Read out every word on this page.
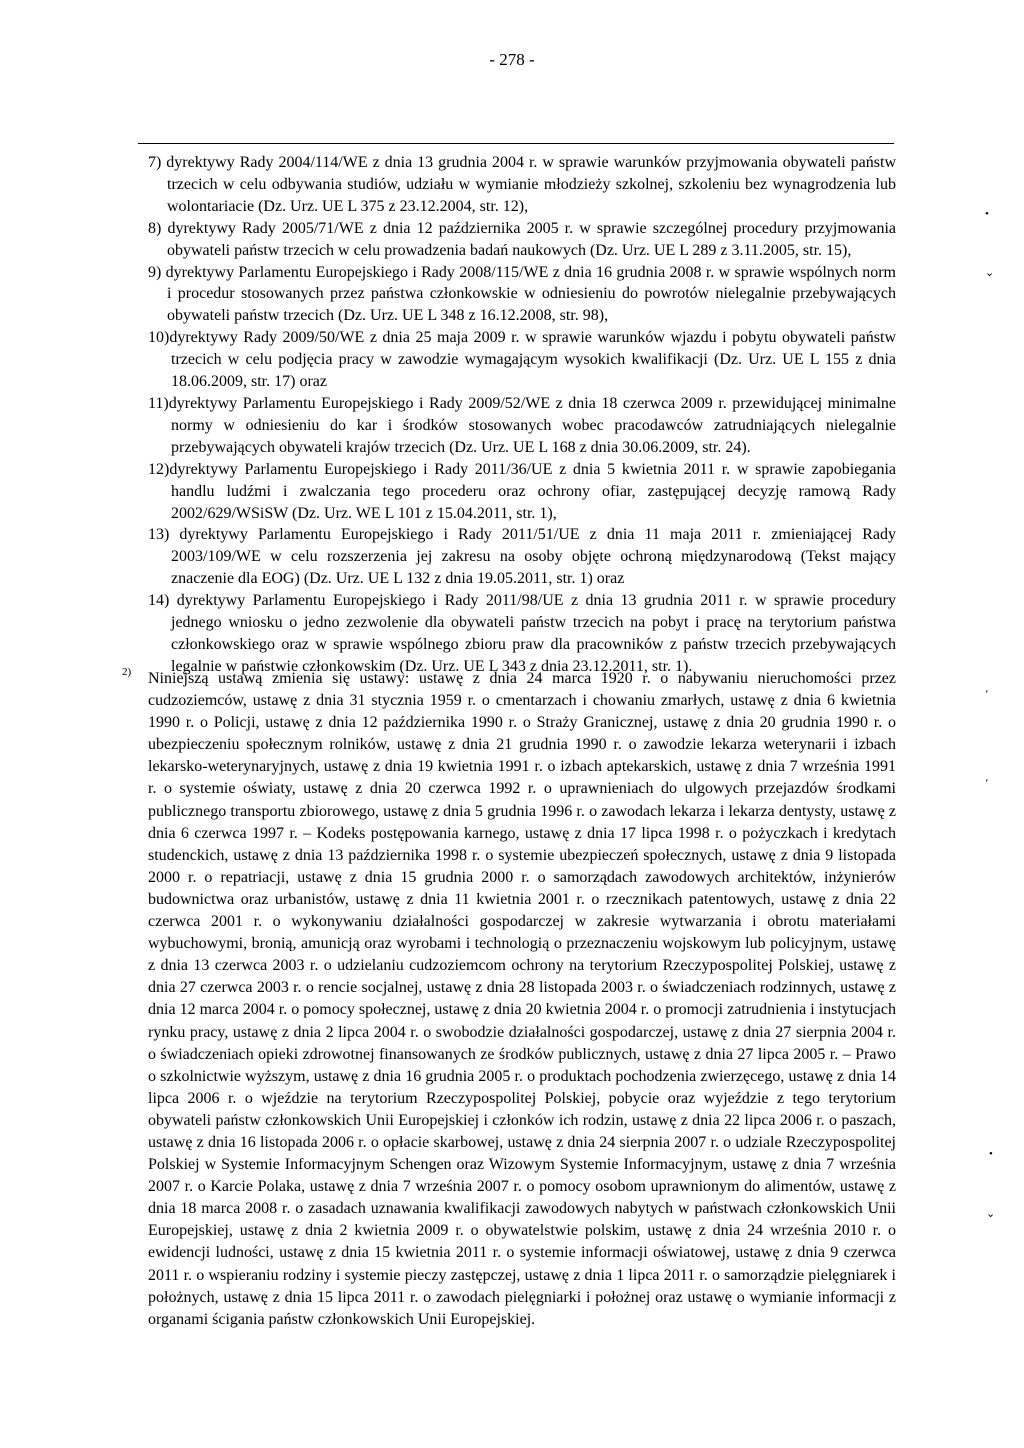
- 278 -

7) dyrektywy Rady 2004/114/WE z dnia 13 grudnia 2004 r. w sprawie warunków przyjmowania obywateli państw trzecich w celu odbywania studiów, udziału w wymianie młodzieży szkolnej, szkoleniu bez wynagrodzenia lub wolontariacie (Dz. Urz. UE L 375 z 23.12.2004, str. 12),

8) dyrektywy Rady 2005/71/WE z dnia 12 października 2005 r. w sprawie szczególnej procedury przyjmowania obywateli państw trzecich w celu prowadzenia badań naukowych (Dz. Urz. UE L 289 z 3.11.2005, str. 15),

9) dyrektywy Parlamentu Europejskiego i Rady 2008/115/WE z dnia 16 grudnia 2008 r. w sprawie wspólnych norm i procedur stosowanych przez państwa członkowskie w odniesieniu do powrotów nielegalnie przebywających obywateli państw trzecich (Dz. Urz. UE L 348 z 16.12.2008, str. 98),

10)dyrektywy Rady 2009/50/WE z dnia 25 maja 2009 r. w sprawie warunków wjazdu i pobytu obywateli państw trzecich w celu podjęcia pracy w zawodzie wymagającym wysokich kwalifikacji (Dz. Urz. UE L 155 z dnia 18.06.2009, str. 17) oraz

11)dyrektywy Parlamentu Europejskiego i Rady 2009/52/WE z dnia 18 czerwca 2009 r. przewidującej minimalne normy w odniesieniu do kar i środków stosowanych wobec pracodawców zatrudniających nielegalnie przebywających obywateli krajów trzecich (Dz. Urz. UE L 168 z dnia 30.06.2009, str. 24).

12)dyrektywy Parlamentu Europejskiego i Rady 2011/36/UE z dnia 5 kwietnia 2011 r. w sprawie zapobiegania handlu ludźmi i zwalczania tego procederu oraz ochrony ofiar, zastępującej decyzję ramową Rady 2002/629/WSiSW (Dz. Urz. WE L 101 z 15.04.2011, str. 1),

13) dyrektywy Parlamentu Europejskiego i Rady 2011/51/UE z dnia 11 maja 2011 r. zmieniającej Rady 2003/109/WE w celu rozszerzenia jej zakresu na osoby objęte ochroną międzynarodową (Tekst mający znaczenie dla EOG) (Dz. Urz. UE L 132 z dnia 19.05.2011, str. 1) oraz

14) dyrektywy Parlamentu Europejskiego i Rady 2011/98/UE z dnia 13 grudnia 2011 r. w sprawie procedury jednego wniosku o jedno zezwolenie dla obywateli państw trzecich na pobyt i pracę na terytorium państwa członkowskiego oraz w sprawie wspólnego zbioru praw dla pracowników z państw trzecich przebywających legalnie w państwie członkowskim (Dz. Urz. UE L 343 z dnia 23.12.2011, str. 1).

2) Niniejszą ustawą zmienia się ustawy: ustawę z dnia 24 marca 1920 r. o nabywaniu nieruchomości przez cudzoziemców, ustawę z dnia 31 stycznia 1959 r. o cmentarzach i chowaniu zmarłych, ustawę z dnia 6 kwietnia 1990 r. o Policji, ustawę z dnia 12 października 1990 r. o Straży Granicznej, ustawę z dnia 20 grudnia 1990 r. o ubezpieczeniu społecznym rolników, ustawę z dnia 21 grudnia 1990 r. o zawodzie lekarza weterynarii i izbach lekarsko-weterynaryjnych, ustawę z dnia 19 kwietnia 1991 r. o izbach aptekarskich, ustawę z dnia 7 września 1991 r. o systemie oświaty, ustawę z dnia 20 czerwca 1992 r. o uprawnieniach do ulgowych przejazdów środkami publicznego transportu zbiorowego, ustawę z dnia 5 grudnia 1996 r. o zawodach lekarza i lekarza dentysty, ustawę z dnia 6 czerwca 1997 r. – Kodeks postępowania karnego, ustawę z dnia 17 lipca 1998 r. o pożyczkach i kredytach studenckich, ustawę z dnia 13 października 1998 r. o systemie ubezpieczeń społecznych, ustawę z dnia 9 listopada 2000 r. o repatriacji, ustawę z dnia 15 grudnia 2000 r. o samorządach zawodowych architektów, inżynierów budownictwa oraz urbanistów, ustawę z dnia 11 kwietnia 2001 r. o rzecznikach patentowych, ustawę z dnia 22 czerwca 2001 r. o wykonywaniu działalności gospodarczej w zakresie wytwarzania i obrotu materiałami wybuchowymi, bronią, amunicją oraz wyrobami i technologią o przeznaczeniu wojskowym lub policyjnym, ustawę z dnia 13 czerwca 2003 r. o udzielaniu cudzoziemcom ochrony na terytorium Rzeczypospolitej Polskiej, ustawę z dnia 27 czerwca 2003 r. o rencie socjalnej, ustawę z dnia 28 listopada 2003 r. o świadczeniach rodzinnych, ustawę z dnia 12 marca 2004 r. o pomocy społecznej, ustawę z dnia 20 kwietnia 2004 r. o promocji zatrudnienia i instytucjach rynku pracy, ustawę z dnia 2 lipca 2004 r. o swobodzie działalności gospodarczej, ustawę z dnia 27 sierpnia 2004 r. o świadczeniach opieki zdrowotnej finansowanych ze środków publicznych, ustawę z dnia 27 lipca 2005 r. – Prawo o szkolnictwie wyższym, ustawę z dnia 16 grudnia 2005 r. o produktach pochodzenia zwierzęcego, ustawę z dnia 14 lipca 2006 r. o wjeździe na terytorium Rzeczypospolitej Polskiej, pobycie oraz wyjeździe z tego terytorium obywateli państw członkowskich Unii Europejskiej i członków ich rodzin, ustawę z dnia 22 lipca 2006 r. o paszach, ustawę z dnia 16 listopada 2006 r. o opłacie skarbowej, ustawę z dnia 24 sierpnia 2007 r. o udziale Rzeczypospolitej Polskiej w Systemie Informacyjnym Schengen oraz Wizowym Systemie Informacyjnym, ustawę z dnia 7 września 2007 r. o Karcie Polaka, ustawę z dnia 7 września 2007 r. o pomocy osobom uprawnionym do alimentów, ustawę z dnia 18 marca 2008 r. o zasadach uznawania kwalifikacji zawodowych nabytych w państwach członkowskich Unii Europejskiej, ustawę z dnia 2 kwietnia 2009 r. o obywatelstwie polskim, ustawę z dnia 24 września 2010 r. o ewidencji ludności, ustawę z dnia 15 kwietnia 2011 r. o systemie informacji oświatowej, ustawę z dnia 9 czerwca 2011 r. o wspieraniu rodziny i systemie pieczy zastępczej, ustawę z dnia 1 lipca 2011 r. o samorządzie pielęgniarek i położnych, ustawę z dnia 15 lipca 2011 r. o zawodach pielęgniarki i położnej oraz ustawę o wymianie informacji z organami ścigania państw członkowskich Unii Europejskiej.
•
⌄
‘
‘
•
⌄
